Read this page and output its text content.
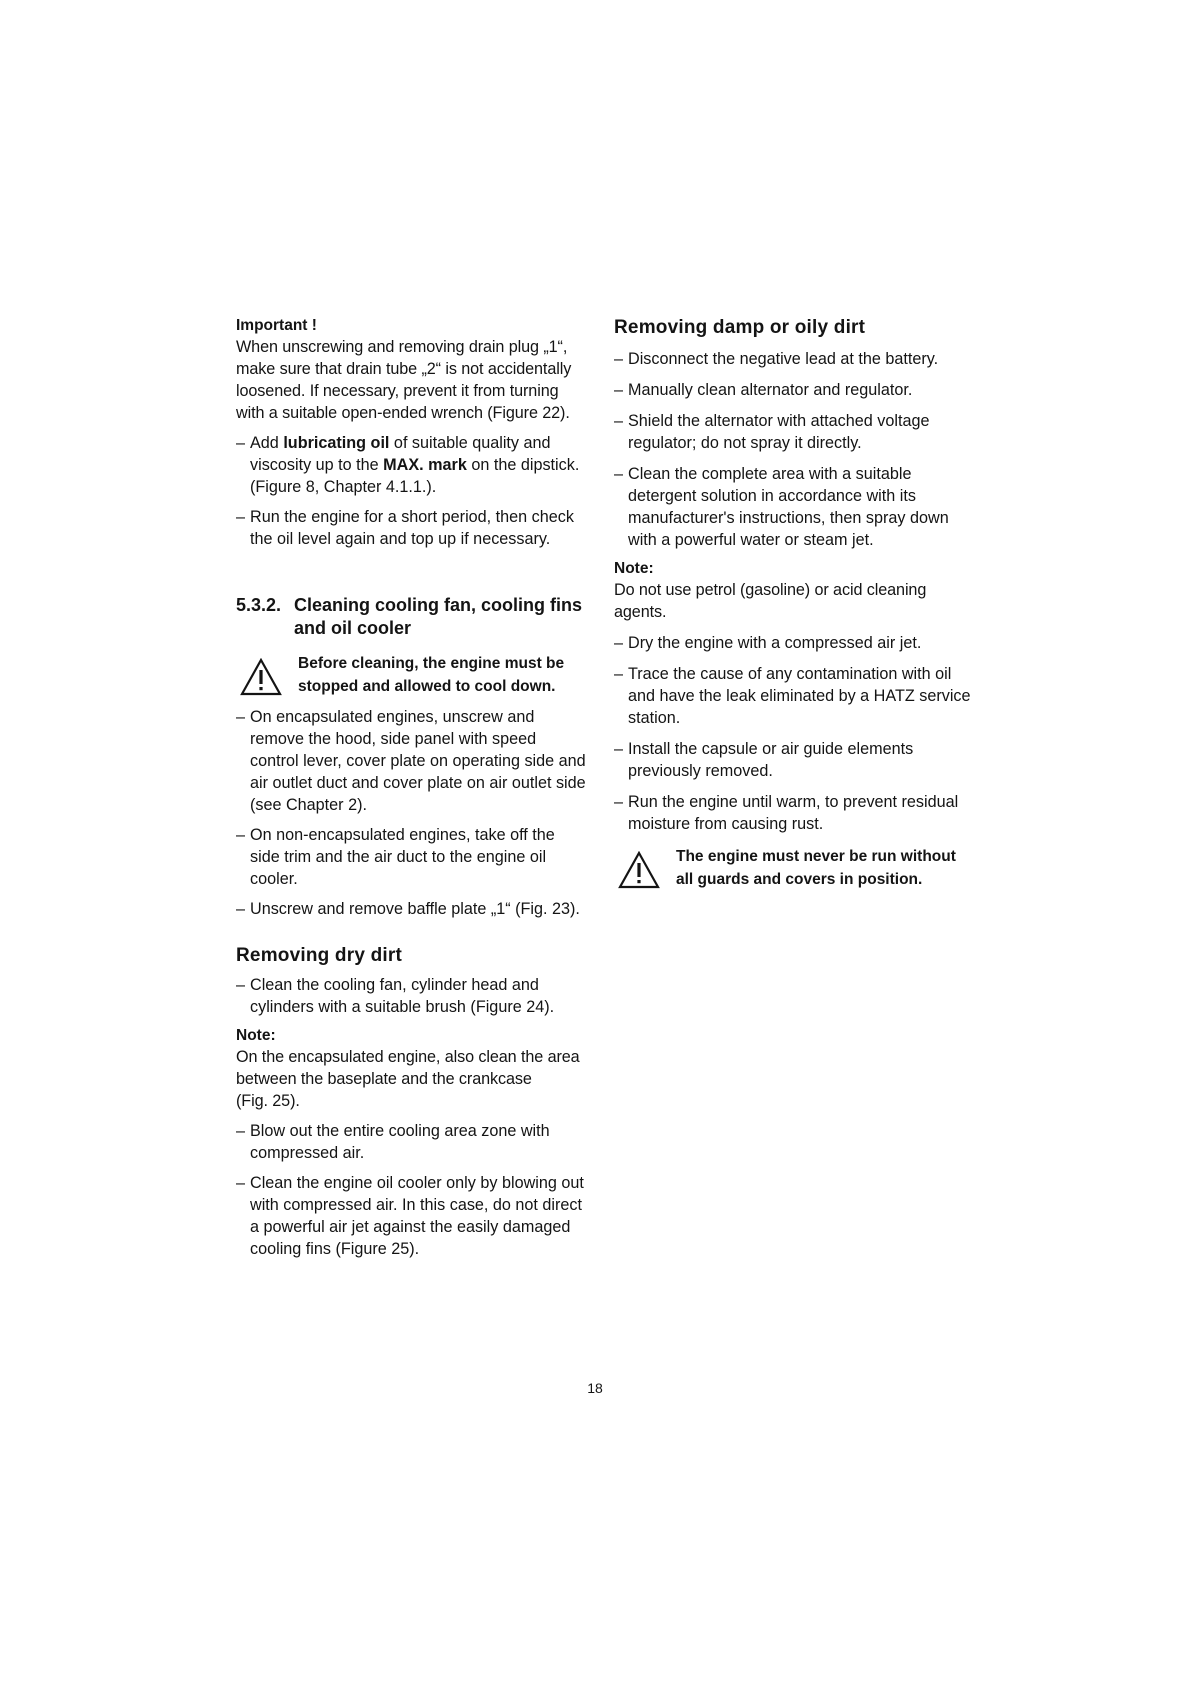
Important !

When unscrewing and removing drain plug „1“, make sure that drain tube „2“ is not accidentally loosened. If necessary, prevent it from turning with a suitable open-ended wrench (Figure 22).

– Add lubricating oil of suitable quality and viscosity up to the MAX. mark on the dipstick. (Figure 8, Chapter 4.1.1.).

– Run the engine for a short period, then check the oil level again and top up if necessary.

5.3.2. Cleaning cooling fan, cooling fins and oil cooler

Before cleaning, the engine must be stopped and allowed to cool down.

– On encapsulated engines, unscrew and remove the hood, side panel with speed control lever, cover plate on operating side and air outlet duct and cover plate on air outlet side (see Chapter 2).

– On non-encapsulated engines, take off the side trim and the air duct to the engine oil cooler.

– Unscrew and remove baffle plate „1“ (Fig. 23).

Removing dry dirt

– Clean the cooling fan, cylinder head and cylinders with a suitable brush (Figure 24).

Note:

On the encapsulated engine, also clean the area between the baseplate and the crankcase

(Fig. 25).

– Blow out the entire cooling area zone with compressed air.

– Clean the engine oil cooler only by blowing out with compressed air. In this case, do not direct a powerful air jet against the easily damaged cooling fins (Figure 25).

Removing damp or oily dirt

– Disconnect the negative lead at the battery.

– Manually clean alternator and regulator.

– Shield the alternator with attached voltage regulator; do not spray it directly.

– Clean the complete area with a suitable detergent solution in accordance with its manufacturer's instructions, then spray down with a powerful water or steam jet.

Note:

Do not use petrol (gasoline) or acid cleaning agents.

– Dry the engine with a compressed air jet.

– Trace the cause of any contamination with oil and have the leak eliminated by a HATZ service station.

– Install the capsule or air guide elements previously removed.

– Run the engine until warm, to prevent residual moisture from causing rust.

The engine must never be run without all guards and covers in position.

18
